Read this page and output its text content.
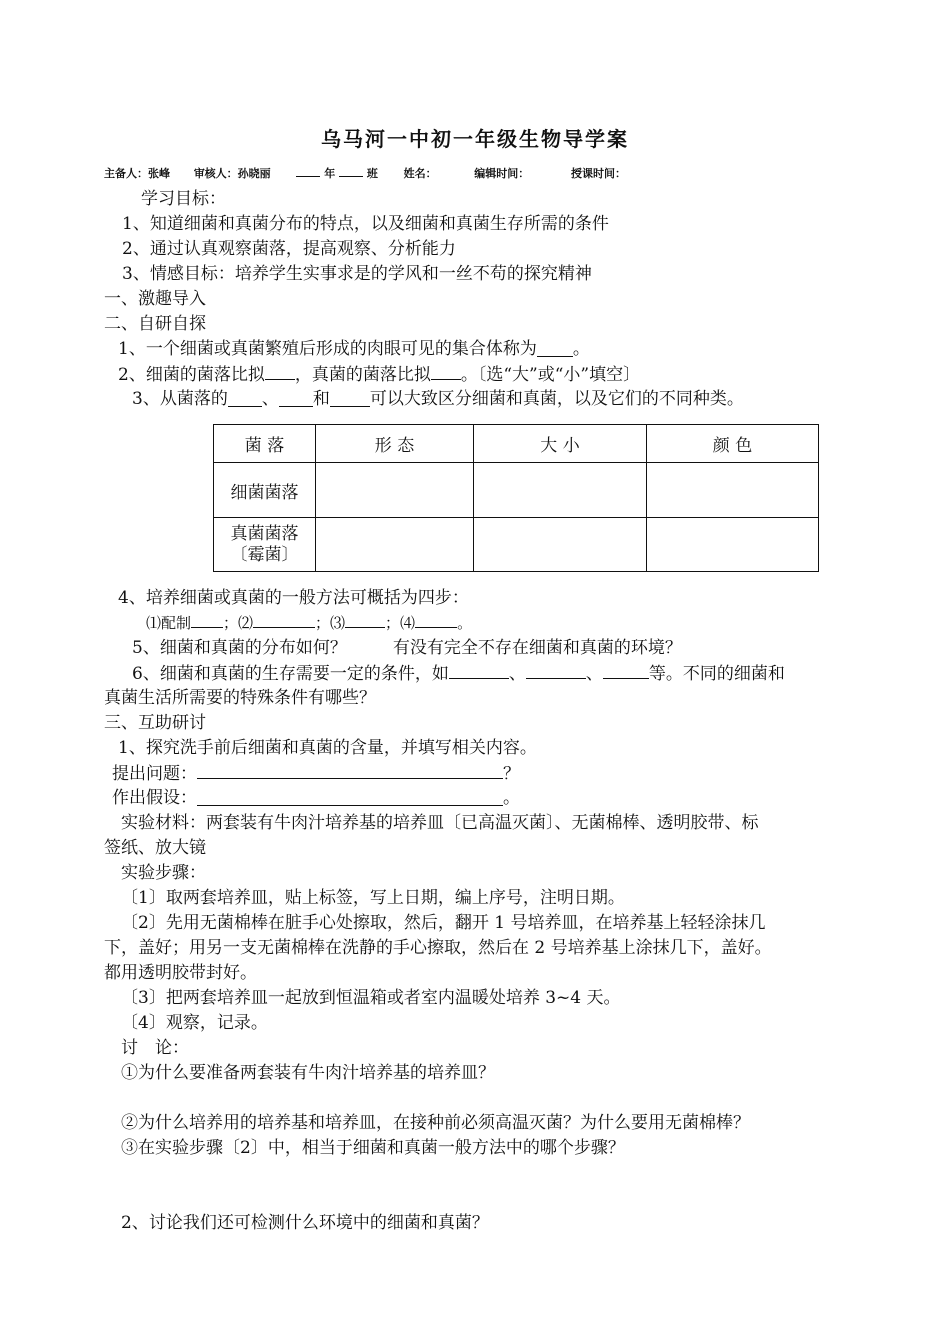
乌马河一中初一年级生物导学案
主备人：张峰 审核人：孙晓丽	年	班 姓名：	编辑时间：	授课时间：
学习目标：
1、知道细菌和真菌分布的特点，以及细菌和真菌生存所需的条件
2、通过认真观察菌落，提高观察、分析能力
3、情感目标：培养学生实事求是的学风和一丝不苟的探究精神
一、激趣导入
二、自研自探
1、一个细菌或真菌繁殖后形成的肉眼可见的集合体称为 。
2、细菌的菌落比拟 ，真菌的菌落比拟 。〔选“大”或“小”填空〕
3、从菌落的 、 和 可以大致区分细菌和真菌，以及它们的不同种类。
菌 落	形 态	大 小	颜 色
细菌菌落			

真菌菌落
〔霉菌〕			

4、培养细菌或真菌的一般方法可概括为四步：
⑴配制 ；⑵	；⑶	；⑷	。
5、细菌和真菌的分布如何？	有没有完全不存在细菌和真菌的环境？
6、细菌和真菌的生存需要一定的条件，如	、	、	等。不同的细菌和
真菌生活所需要的特殊条件有哪些？
三、互助研讨
1、探究洗手前后细菌和真菌的含量，并填写相关内容。
提出问题：	？
作出假设：	。
实验材料：两套装有牛肉汁培养基的培养皿〔已高温灭菌〕、无菌棉棒、透明胶带、标
签纸、放大镜
实验步骤：
〔1〕取两套培养皿，贴上标签，写上日期，编上序号，注明日期。
〔2〕先用无菌棉棒在脏手心处擦取，然后，翻开 1 号培养皿，在培养基上轻轻涂抹几
下，盖好；用另一支无菌棉棒在洗静的手心擦取，然后在 2 号培养基上涂抹几下，盖好。
都用透明胶带封好。
〔3〕把两套培养皿一起放到恒温箱或者室内温暖处培养 3~4 天。
〔4〕观察，记录。
讨　论：
①为什么要准备两套装有牛肉汁培养基的培养皿？
②为什么培养用的培养基和培养皿，在接种前必须高温灭菌？为什么要用无菌棉棒？
③在实验步骤〔2〕中，相当于细菌和真菌一般方法中的哪个步骤？
2、讨论我们还可检测什么环境中的细菌和真菌？
